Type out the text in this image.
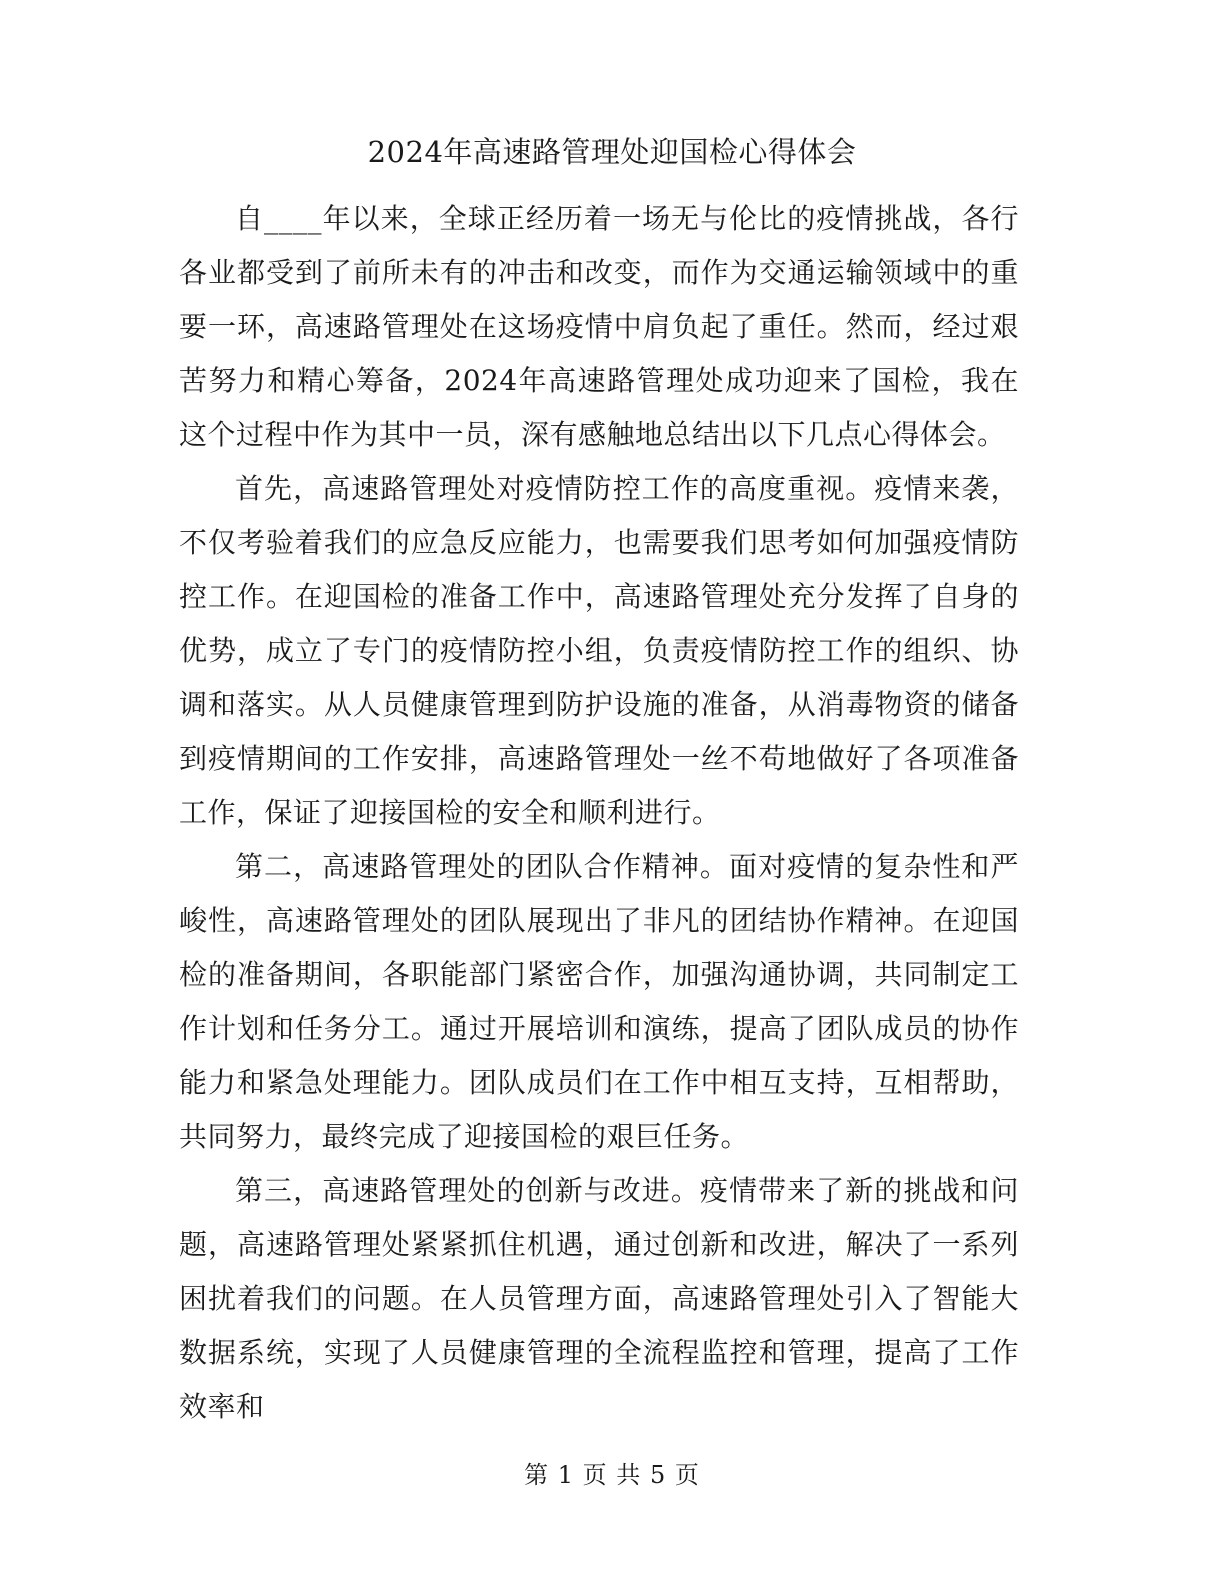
2024年高速路管理处迎国检心得体会

自____年以来，全球正经历着一场无与伦比的疫情挑战，各行各业都受到了前所未有的冲击和改变，而作为交通运输领域中的重要一环，高速路管理处在这场疫情中肩负起了重任。然而，经过艰苦努力和精心筹备，2024年高速路管理处成功迎来了国检，我在这个过程中作为其中一员，深有感触地总结出以下几点心得体会。

首先，高速路管理处对疫情防控工作的高度重视。疫情来袭，不仅考验着我们的应急反应能力，也需要我们思考如何加强疫情防控工作。在迎国检的准备工作中，高速路管理处充分发挥了自身的优势，成立了专门的疫情防控小组，负责疫情防控工作的组织、协调和落实。从人员健康管理到防护设施的准备，从消毒物资的储备到疫情期间的工作安排，高速路管理处一丝不苟地做好了各项准备工作，保证了迎接国检的安全和顺利进行。

第二，高速路管理处的团队合作精神。面对疫情的复杂性和严峻性，高速路管理处的团队展现出了非凡的团结协作精神。在迎国检的准备期间，各职能部门紧密合作，加强沟通协调，共同制定工作计划和任务分工。通过开展培训和演练，提高了团队成员的协作能力和紧急处理能力。团队成员们在工作中相互支持，互相帮助，共同努力，最终完成了迎接国检的艰巨任务。

第三，高速路管理处的创新与改进。疫情带来了新的挑战和问题，高速路管理处紧紧抓住机遇，通过创新和改进，解决了一系列困扰着我们的问题。在人员管理方面，高速路管理处引入了智能大数据系统，实现了人员健康管理的全流程监控和管理，提高了工作效率和

第 1 页 共 5 页
